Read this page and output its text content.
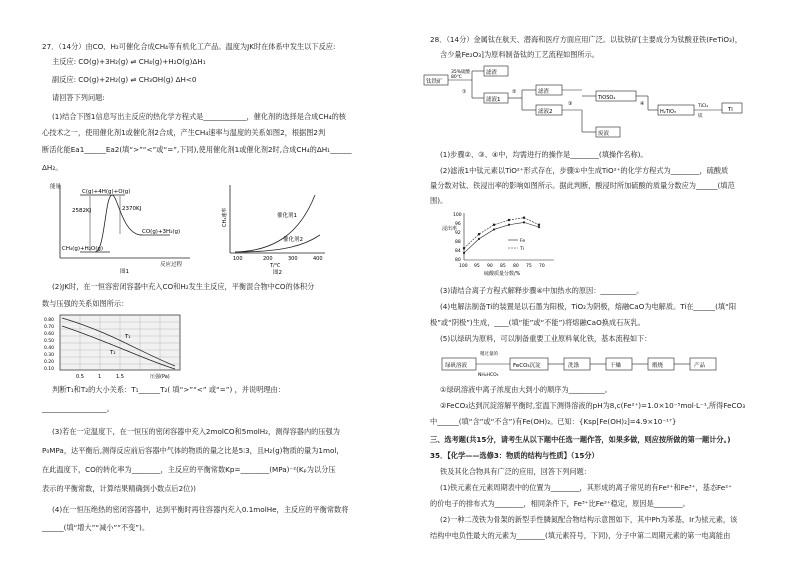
27．（14分）由CO、H₂可催化合成CH₄等有机化工产品。温度为JK时在体系中发生以下反应:
主反应: CO(g)+3H₂(g) ⇌ CH₄(g)+H₂O(g)ΔH₁
副反应: CO(g)+2H₂(g) ⇌ CH₃OH(g) ΔH<0
请回答下列问题:
(1)结合下图1信息写出主反应的热化学方程式是____________，催化剂的选择是合成CH₄的核
心技术之一，使用催化剂1或催化剂2合成，产生CH₄速率与温度的关系如图2，根据图2判
断活化能Ea1______Ea2(填“>”“<”或“=”,下同),使用催化剂1或催化剂2时,合成CH₄的ΔH₁______
ΔH₂。
能量
C(g)+4H(g)+O(g)
CH₄(g)+H₂O(g)
CO(g)+3H₂(g)
2582KJ	2370KJ
反应过程
图1
CH₄速率	催化剂1
催化剂2
100	200	300	400
T/℃
图2
(2)JK时，在一恒容密闭容器中充入CO和H₂发生主反应，平衡混合物中CO的体积分
数与压强的关系如图所示：
T₁
T₂
0.80
0.70
0.60
0.50
0.40
0.30
0.20
0.10
0.5	1	1.5	压强(Pa)
判断T₁和T₂的大小关系：T₁______T₂( 填“>”“<” 或“=”) ，并说明理由：
__________________。
(3)若在一定温度下，在一恒压的密闭容器中充入2molCO和5molH₂，测得容器内的压强为
P₀MPa，达平衡后,测得反应前后容器中气体的物质的量之比是5∶3，且H₂(g)物质的量为1mol，
在此温度下，CO的转化率为________，主反应的平衡常数Kp=________(MPa)⁻²(Kₚ为以分压
表示的平衡常数，计算结果精确到小数点后2位))
(4)在一恒压绝热的密闭容器中，达到平衡时再往容器内充入0.1molHe，主反应的平衡常数将
______(填“增大”“减小”“不变”)。
28．（14分）金属钛在航天、潜海和医疗方面应用广泛。以钛铁矿[主要成分为钛酸亚铁(FeTiO₃)，
含少量Fe₂O₃]为原料制备钛的工艺流程如图所示。
钛铁矿
35%硫酸
80℃
滤渣
滤液1
滤渣
滤液2
TiOSO₄
H₂TiO₃
TiCl₄
镁
Ti
废液
①	②
③	④
(1)步骤②、③、④中，均需进行的操作是________(填操作名称)。
(2)滤液1中钛元素以TiO²⁺形式存在，步骤①中生成TiO²⁺的化学方程式为________，硫酸质
量分数对钛、铁浸出率的影响如图所示。据此判断，酸浸时所加硫酸的质量分数应为______(填范
围)。
浸出率
100
96
92
88
84
80
100 95 90 85 80 75 70
硫酸质量分数/%
Fe
Ti
(3)请结合离子方程式解释步骤④中加热水的原因：__________。
(4)电解法制备Ti的装置是以石墨为阳极，TiO₂为阴极，熔融CaO为电解质。Ti在______(填“阳
极”或“阴极”)生成，____(填“能”或“不能”)将熔融CaO换成石灰乳。
(5)以绿矾为原料，可以制备重要工业原料氧化铁，基本流程如下：
绿矾溶液	FeCO₃沉淀	洗涤	干燥	煅烧	产品
稍过量的
NH₄HCO₃
①绿矾溶液中离子浓度由大到小的顺序为__________。
②FeCO₃达到沉淀溶解平衡时,室温下测得溶液的pH为8,c(Fe²⁺)=1.0×10⁻⁵mol·L⁻¹,所得FeCO₃
中______(填“含”或“不含”)有Fe(OH)₂。已知：{Ksp[Fe(OH)₂]=4.9×10⁻¹⁷}
三、选考题(共15分，请考生从以下题中任选一题作答，如果多做，则应按所做的第一题计分。)
35．【化学——选修3：物质的结构与性质】（15分）
铁及其化合物具有广泛的应用，回答下列问题：
(1)铁元素在元素周期表中的位置为________，其形成的离子常见的有Fe²⁺和Fe³⁺，基态Fe²⁺
的价电子的排布式为________，相同条件下，Fe³⁺比Fe²⁺稳定，原因是________。
(2)一种二茂铁为骨架的新型手性膦氮配合物结构示意图如下，其中Ph为苯基，Ir为铱元素，该
结构中电负性最大的元素为________(填元素符号，下同)，分子中第二周期元素的第一电离能由
